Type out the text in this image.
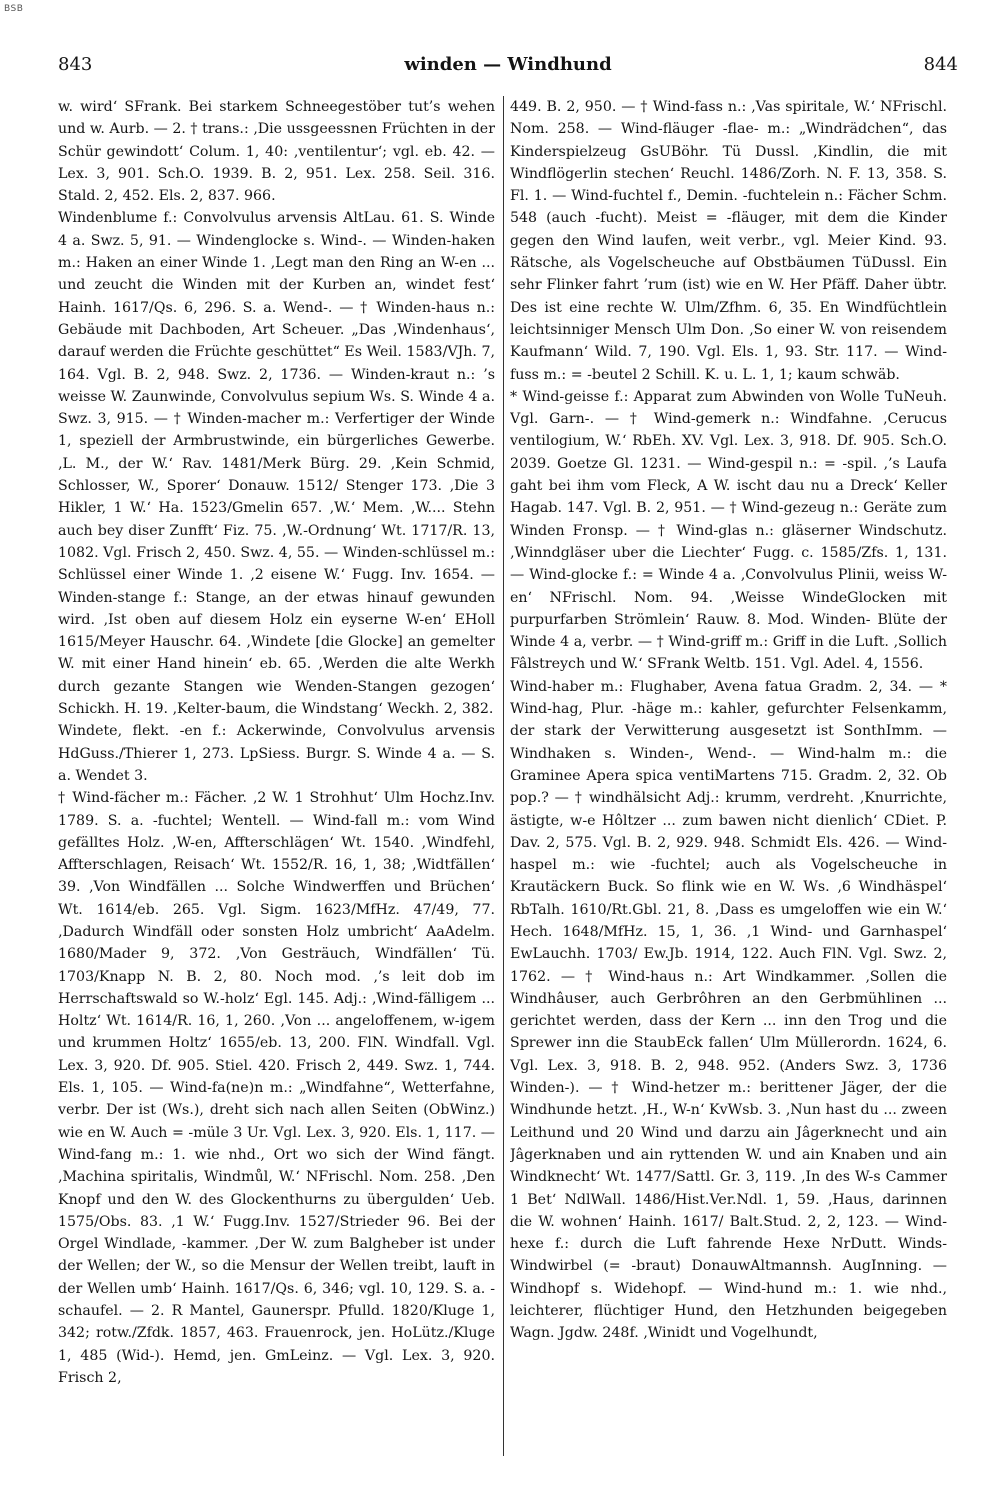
BSB
843	winden — Windhund	844

w. wird‘ SFrank. Bei starkem Schneegestöber tut’s wehen und w. Aurb. — 2. † trans.: ‚Die ussgeessnen Früchten in der Schür gewindott‘ Colum. 1, 40: ‚ventilentur‘; vgl. eb. 42. — Lex. 3, 901. Sch.O. 1939. B. 2, 951. Lex. 258. Seil. 316. Stald. 2, 452. Els. 2, 837. 966.

Windenblume f.: Convolvulus arvensis AltLau. 61. S. Winde 4 a. Swz. 5, 91. — Windenglocke s. Wind-. — Winden-haken m.: Haken an einer Winde 1. ‚Legt man den Ring an W-en ... und zeucht die Winden mit der Kurben an, windet fest‘ Hainh. 1617/Qs. 6, 296. S. a. Wend-. — † Winden-haus n.: Gebäude mit Dachboden, Art Scheuer. „Das ‚Windenhaus‘, darauf werden die Früchte geschüttet“ Es Weil. 1583/VJh. 7, 164. Vgl. B. 2, 948. Swz. 2, 1736. — Winden-kraut n.: ’s weisse W. Zaunwinde, Convolvulus sepium Ws. S. Winde 4 a. Swz. 3, 915. — † Winden-macher m.: Verfertiger der Winde 1, speziell der Armbrustwinde, ein bürgerliches Gewerbe. ‚L. M., der W.‘ Rav. 1481/Merk Bürg. 29. ‚Kein Schmid, Schlosser, W., Sporer‘ Donauw. 1512/ Stenger 173. ‚Die 3 Hikler, 1 W.‘ Ha. 1523/Gmelin 657. ‚W.‘ Mem. ‚W.... Stehn auch bey diser Zunfft‘ Fiz. 75. ‚W.-Ordnung‘ Wt. 1717/R. 13, 1082. Vgl. Frisch 2, 450. Swz. 4, 55. — Winden-schlüssel m.: Schlüssel einer Winde 1. ‚2 eisene W.‘ Fugg. Inv. 1654. — Winden-stange f.: Stange, an der etwas hinauf gewunden wird. ‚Ist oben auf diesem Holz ein eyserne W-en‘ EHoll 1615/Meyer Hauschr. 64. ‚Windete [die Glocke] an gemelter W. mit einer Hand hinein‘ eb. 65. ‚Werden die alte Werkh durch gezante Stangen wie Wenden-Stangen gezogen‘ Schickh. H. 19. ‚Kelter-baum, die Windstang‘ Weckh. 2, 382.

Windete, flekt. -en f.: Ackerwinde, Convolvulus arvensis HdGuss./Thierer 1, 273. LpSiess. Burgr. S. Winde 4 a. — S. a. Wendet 3.

† Wind-fächer m.: Fächer. ‚2 W. 1 Strohhut‘ Ulm Hochz.Inv. 1789. S. a. -fuchtel; Wentell. — Wind-fall m.: vom Wind gefälltes Holz. ‚W-en, Affterschlägen‘ Wt. 1540. ‚Windfehl, Affterschlagen, Reisach‘ Wt. 1552/R. 16, 1, 38; ‚Widtfällen‘ 39. ‚Von Windfällen ... Solche Windwerffen und Brüchen‘ Wt. 1614/eb. 265. Vgl. Sigm. 1623/MfHz. 47/49, 77. ‚Dadurch Windfäll oder sonsten Holz umbricht‘ AaAdelm. 1680/Mader 9, 372. ‚Von Gesträuch, Windfällen‘ Tü. 1703/Knapp N. B. 2, 80. Noch mod. ‚’s leit dob im Herrschaftswald so W.-holz‘ Egl. 145. Adj.: ‚Wind-fälligem ... Holtz‘ Wt. 1614/R. 16, 1, 260. ‚Von ... angeloffenem, w-igem und krummen Holtz‘ 1655/eb. 13, 200. FlN. Windfall. Vgl. Lex. 3, 920. Df. 905. Stiel. 420. Frisch 2, 449. Swz. 1, 744. Els. 1, 105. — Wind-fa(ne)n m.: „Windfahne“, Wetterfahne, verbr. Der ist (Ws.), dreht sich nach allen Seiten (ObWinz.) wie en W. Auch = -müle 3 Ur. Vgl. Lex. 3, 920. Els. 1, 117. — Wind-fang m.: 1. wie nhd., Ort wo sich der Wind fängt. ‚Machina spiritalis, Windmůl, W.‘ NFrischl. Nom. 258. ‚Den Knopf und den W. des Glockenthurns zu übergulden‘ Ueb. 1575/Obs. 83. ‚1 W.‘ Fugg.Inv. 1527/Strieder 96. Bei der Orgel Windlade, -kammer. ‚Der W. zum Balgheber ist under der Wellen; der W., so die Mensur der Wellen treibt, lauft in der Wellen umb‘ Hainh. 1617/Qs. 6, 346; vgl. 10, 129. S. a. -schaufel. — 2. R Mantel, Gaunerspr. Pfulld. 1820/Kluge 1, 342; rotw./Zfdk. 1857, 463. Frauenrock, jen. HoLütz./Kluge 1, 485 (Wid-). Hemd, jen. GmLeinz. — Vgl. Lex. 3, 920. Frisch 2,

449. B. 2, 950. — † Wind-fass n.: ‚Vas spiritale, W.‘ NFrischl. Nom. 258. — Wind-fläuger -flae- m.: „Windrädchen“, das Kinderspielzeug GsUBöhr. Tü Dussl. ‚Kindlin, die mit Windflögerlin stechen‘ Reuchl. 1486/Zorh. N. F. 13, 358. S. Fl. 1. — Wind-fuchtel f., Demin. -fuchtelein n.: Fächer Schm. 548 (auch -fucht). Meist = -fläuger, mit dem die Kinder gegen den Wind laufen, weit verbr., vgl. Meier Kind. 93. Rätsche, als Vogelscheuche auf Obstbäumen TüDussl. Ein sehr Flinker fahrt ’rum (ist) wie en W. Her Pfäff. Daher übtr. Des ist eine rechte W. Ulm/Zfhm. 6, 35. En Windfüchtlein leichtsinniger Mensch Ulm Don. ‚So einer W. von reisendem Kaufmann‘ Wild. 7, 190. Vgl. Els. 1, 93. Str. 117. — Wind-fuss m.: = -beutel 2 Schill. K. u. L. 1, 1; kaum schwäb.

* Wind-geisse f.: Apparat zum Abwinden von Wolle TuNeuh. Vgl. Garn-. — † Wind-gemerk n.: Windfahne. ‚Cerucus ventilogium, W.‘ RbEh. XV. Vgl. Lex. 3, 918. Df. 905. Sch.O. 2039. Goetze Gl. 1231. — Wind-gespil n.: = -spil. ‚’s Laufa gaht bei ihm vom Fleck, A W. ischt dau nu a Dreck‘ Keller Hagab. 147. Vgl. B. 2, 951. — † Wind-gezeug n.: Geräte zum Winden Fronsp. — † Wind-glas n.: gläserner Windschutz. ‚Winndgläser uber die Liechter‘ Fugg. c. 1585/Zfs. 1, 131. — Wind-glocke f.: = Winde 4 a. ‚Convolvulus Plinii, weiss W-en‘ NFrischl. Nom. 94. ‚Weisse WindeGlocken mit purpurfarben Strömlein‘ Rauw. 8. Mod. Winden- Blüte der Winde 4 a, verbr. — † Wind-griff m.: Griff in die Luft. ‚Sollich Fâlstreych und W.‘ SFrank Weltb. 151. Vgl. Adel. 4, 1556.

Wind-haber m.: Flughaber, Avena fatua Gradm. 2, 34. — * Wind-hag, Plur. -häge m.: kahler, gefurchter Felsenkamm, der stark der Verwitterung ausgesetzt ist SonthImm. — Windhaken s. Winden-, Wend-. — Wind-halm m.: die Graminee Apera spica ventiMartens 715. Gradm. 2, 32. Ob pop.? — † windhälsicht Adj.: krumm, verdreht. ‚Knurrichte, ästigte, w-e Hôltzer ... zum bawen nicht dienlich‘ CDiet. P. Dav. 2, 575. Vgl. B. 2, 929. 948. Schmidt Els. 426. — Wind-haspel m.: wie -fuchtel; auch als Vogelscheuche in Krautäckern Buck. So flink wie en W. Ws. ‚6 Windhäspel‘ RbTalh. 1610/Rt.Gbl. 21, 8. ‚Dass es umgeloffen wie ein W.‘ Hech. 1648/MfHz. 15, 1, 36. ‚1 Wind- und Garnhaspel‘ EwLauchh. 1703/ Ew.Jb. 1914, 122. Auch FlN. Vgl. Swz. 2, 1762. — † Wind-haus n.: Art Windkammer. ‚Sollen die Windhâuser, auch Gerbrôhren an den Gerbmühlinen ... gerichtet werden, dass der Kern ... inn den Trog und die Sprewer inn die StaubEck fallen‘ Ulm Müllerordn. 1624, 6. Vgl. Lex. 3, 918. B. 2, 948. 952. (Anders Swz. 3, 1736 Winden-). — † Wind-hetzer m.: berittener Jäger, der die Windhunde hetzt. ‚H., W-n‘ KvWsb. 3. ‚Nun hast du ... zween Leithund und 20 Wind und darzu ain Jâgerknecht und ain Jâgerknaben und ain ryttenden W. und ain Knaben und ain Windknecht‘ Wt. 1477/Sattl. Gr. 3, 119. ‚In des W-s Cammer 1 Bet‘ NdlWall. 1486/Hist.Ver.Ndl. 1, 59. ‚Haus, darinnen die W. wohnen‘ Hainh. 1617/ Balt.Stud. 2, 2, 123. — Wind-hexe f.: durch die Luft fahrende Hexe NrDutt. Winds- Windwirbel (= -braut) DonauwAltmannsh. AugInning. — Windhopf s. Widehopf. — Wind-hund m.: 1. wie nhd., leichterer, flüchtiger Hund, den Hetzhunden beigegeben Wagn. Jgdw. 248f. ‚Winidt und Vogelhundt,
